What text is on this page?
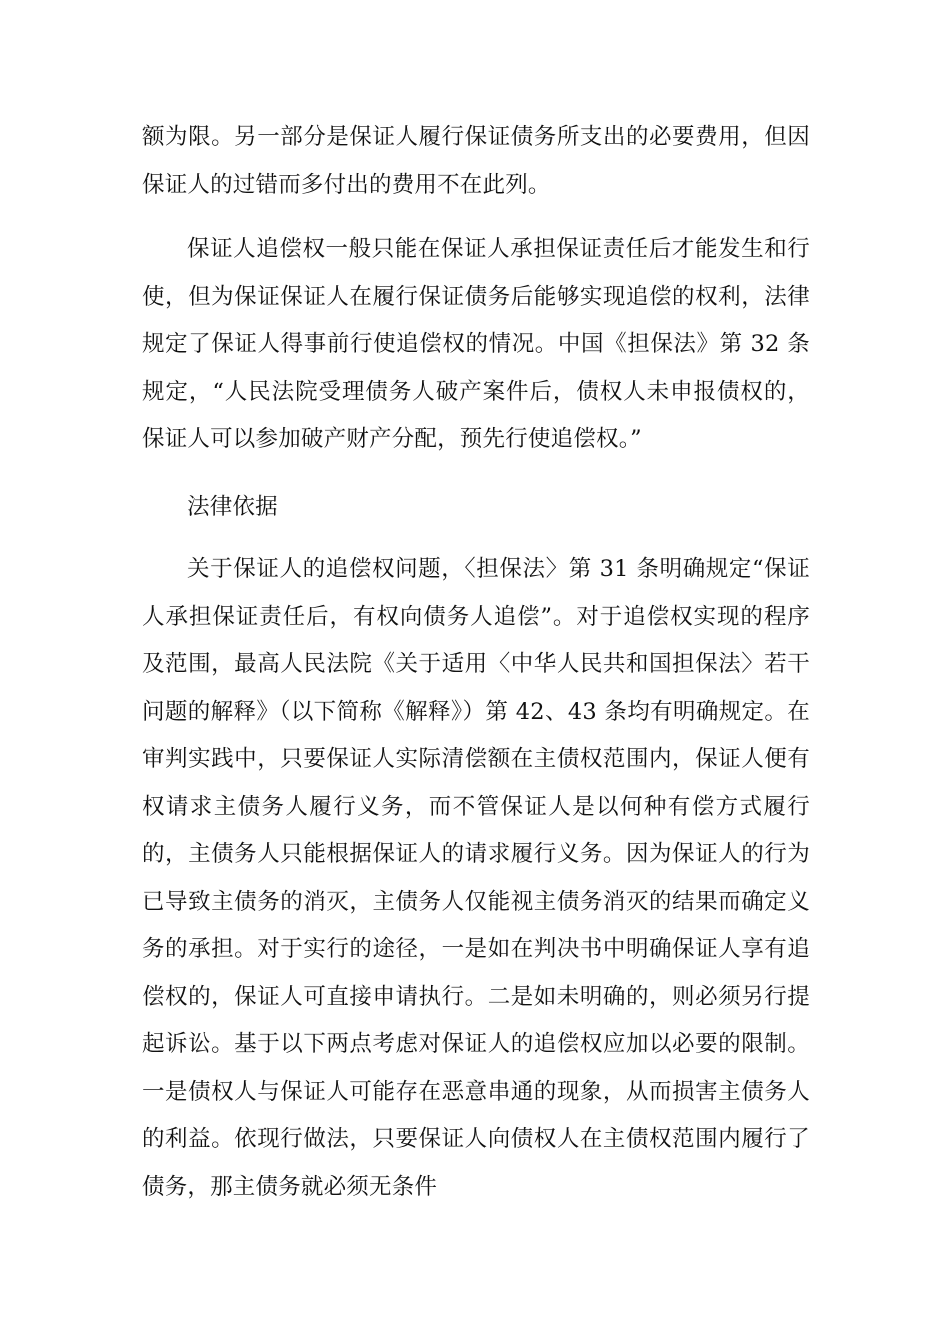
额为限。另一部分是保证人履行保证债务所支出的必要费用，但因保证人的过错而多付出的费用不在此列。

保证人追偿权一般只能在保证人承担保证责任后才能发生和行使，但为保证保证人在履行保证债务后能够实现追偿的权利，法律规定了保证人得事前行使追偿权的情况。中国《担保法》第 32 条规定，“人民法院受理债务人破产案件后，债权人未申报债权的，保证人可以参加破产财产分配，预先行使追偿权。”

法律依据

关于保证人的追偿权问题，〈担保法〉第 31 条明确规定“保证人承担保证责任后，有权向债务人追偿”。对于追偿权实现的程序及范围，最高人民法院《关于适用〈中华人民共和国担保法〉若干问题的解释》（以下简称《解释》）第 42、43 条均有明确规定。在审判实践中，只要保证人实际清偿额在主债权范围内，保证人便有权请求主债务人履行义务，而不管保证人是以何种有偿方式履行的，主债务人只能根据保证人的请求履行义务。因为保证人的行为已导致主债务的消灭，主债务人仅能视主债务消灭的结果而确定义务的承担。对于实行的途径，一是如在判决书中明确保证人享有追偿权的，保证人可直接申请执行。二是如未明确的，则必须另行提起诉讼。基于以下两点考虑对保证人的追偿权应加以必要的限制。一是债权人与保证人可能存在恶意串通的现象，从而损害主债务人的利益。依现行做法，只要保证人向债权人在主债权范围内履行了债务，那主债务就必须无条件
